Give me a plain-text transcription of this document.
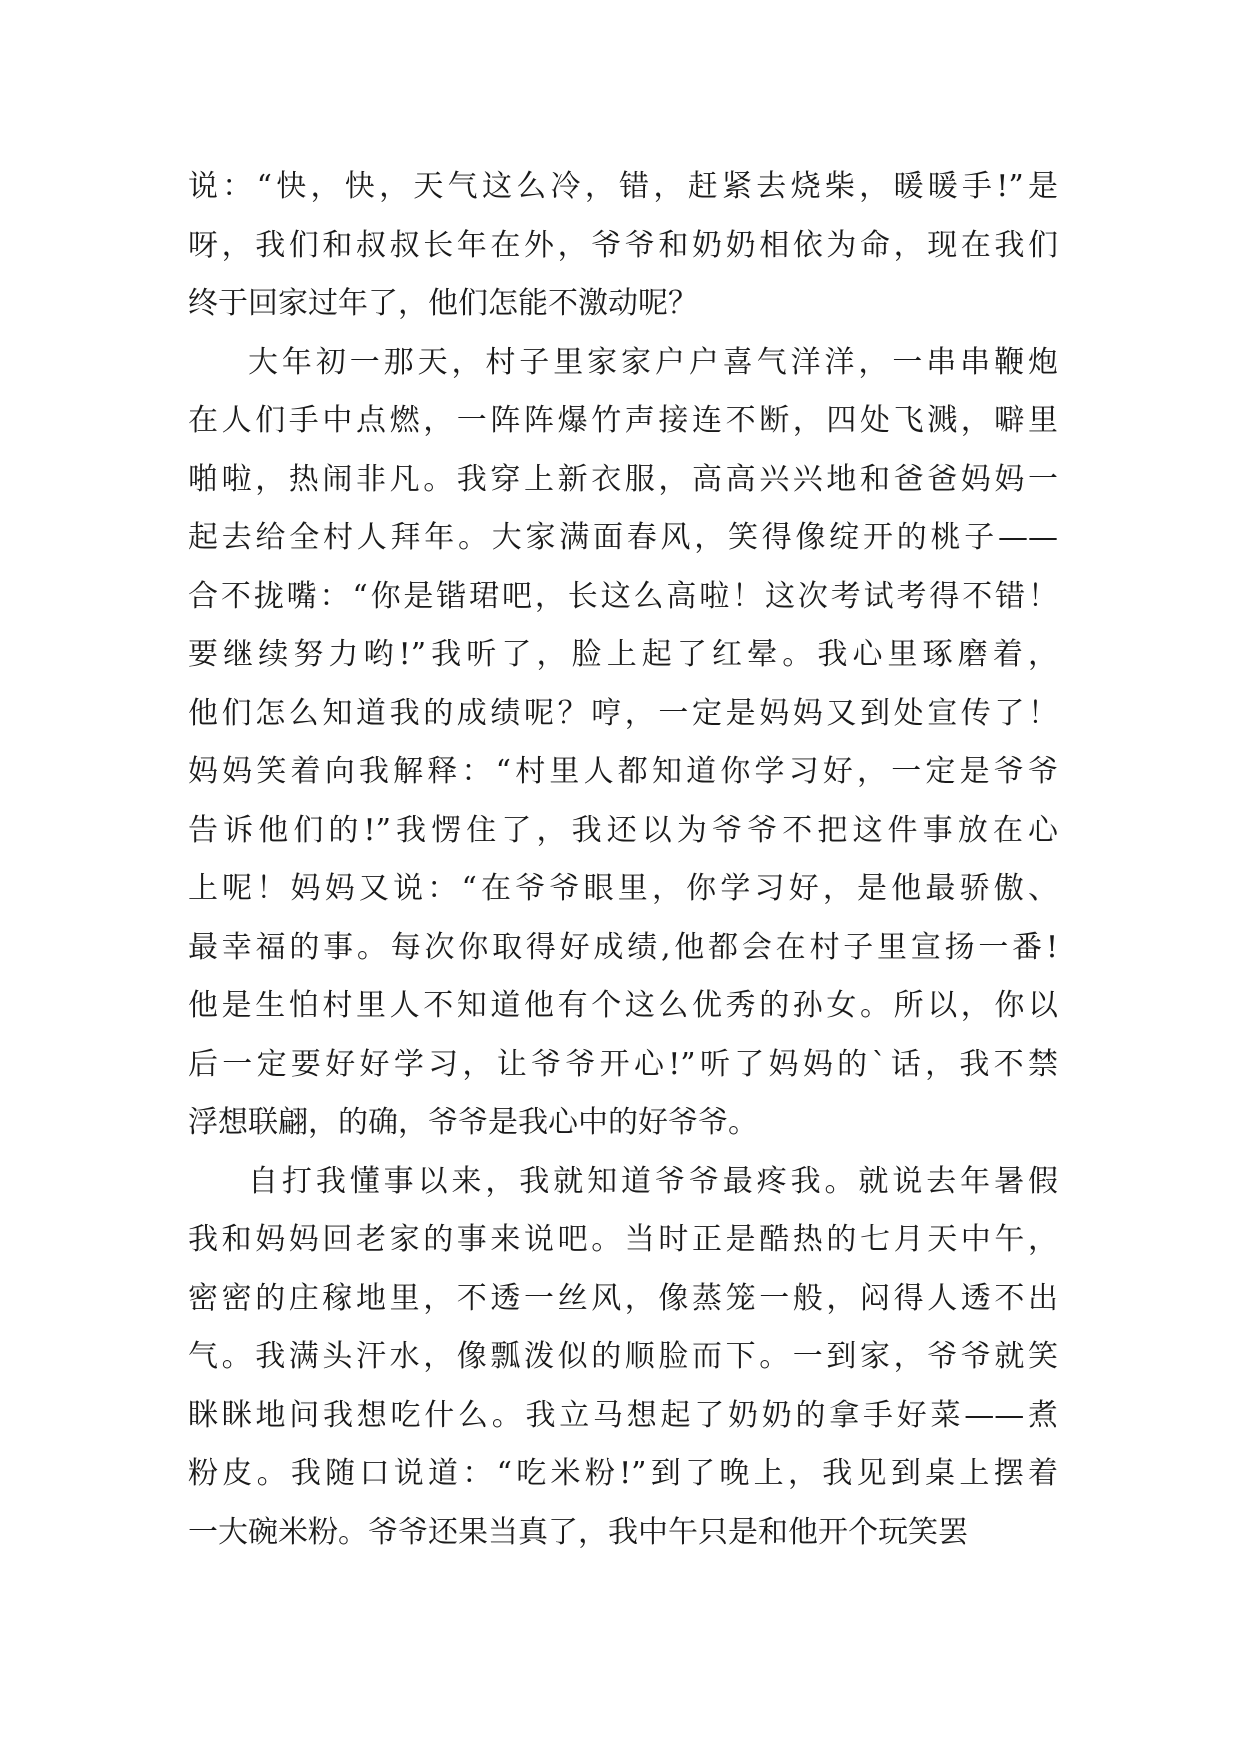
说：“快，快，天气这么冷，错，赶紧去烧柴，暖暖手!”是
呀，我们和叔叔长年在外，爷爷和奶奶相依为命，现在我们
终于回家过年了，他们怎能不激动呢？
大年初一那天，村子里家家户户喜气洋洋，一串串鞭炮
在人们手中点燃，一阵阵爆竹声接连不断，四处飞溅，噼里
啪啦，热闹非凡。我穿上新衣服，高高兴兴地和爸爸妈妈一
起去给全村人拜年。大家满面春风，笑得像绽开的桃子——
合不拢嘴：“你是锴珺吧，长这么高啦！这次考试考得不错！
要继续努力哟!”我听了，脸上起了红晕。我心里琢磨着，
他们怎么知道我的成绩呢？哼，一定是妈妈又到处宣传了！
妈妈笑着向我解释：“村里人都知道你学习好，一定是爷爷
告诉他们的!”我愣住了，我还以为爷爷不把这件事放在心
上呢！妈妈又说：“在爷爷眼里，你学习好，是他最骄傲、
最幸福的事。每次你取得好成绩,他都会在村子里宣扬一番!
他是生怕村里人不知道他有个这么优秀的孙女。所以，你以
后一定要好好学习，让爷爷开心!”听了妈妈的`话，我不禁
浮想联翩，的确，爷爷是我心中的好爷爷。
自打我懂事以来，我就知道爷爷最疼我。就说去年暑假
我和妈妈回老家的事来说吧。当时正是酷热的七月天中午，
密密的庄稼地里，不透一丝风，像蒸笼一般，闷得人透不出
气。我满头汗水，像瓢泼似的顺脸而下。一到家，爷爷就笑
眯眯地问我想吃什么。我立马想起了奶奶的拿手好菜——煮
粉皮。我随口说道：“吃米粉!”到了晚上，我见到桌上摆着
一大碗米粉。爷爷还果当真了，我中午只是和他开个玩笑罢
